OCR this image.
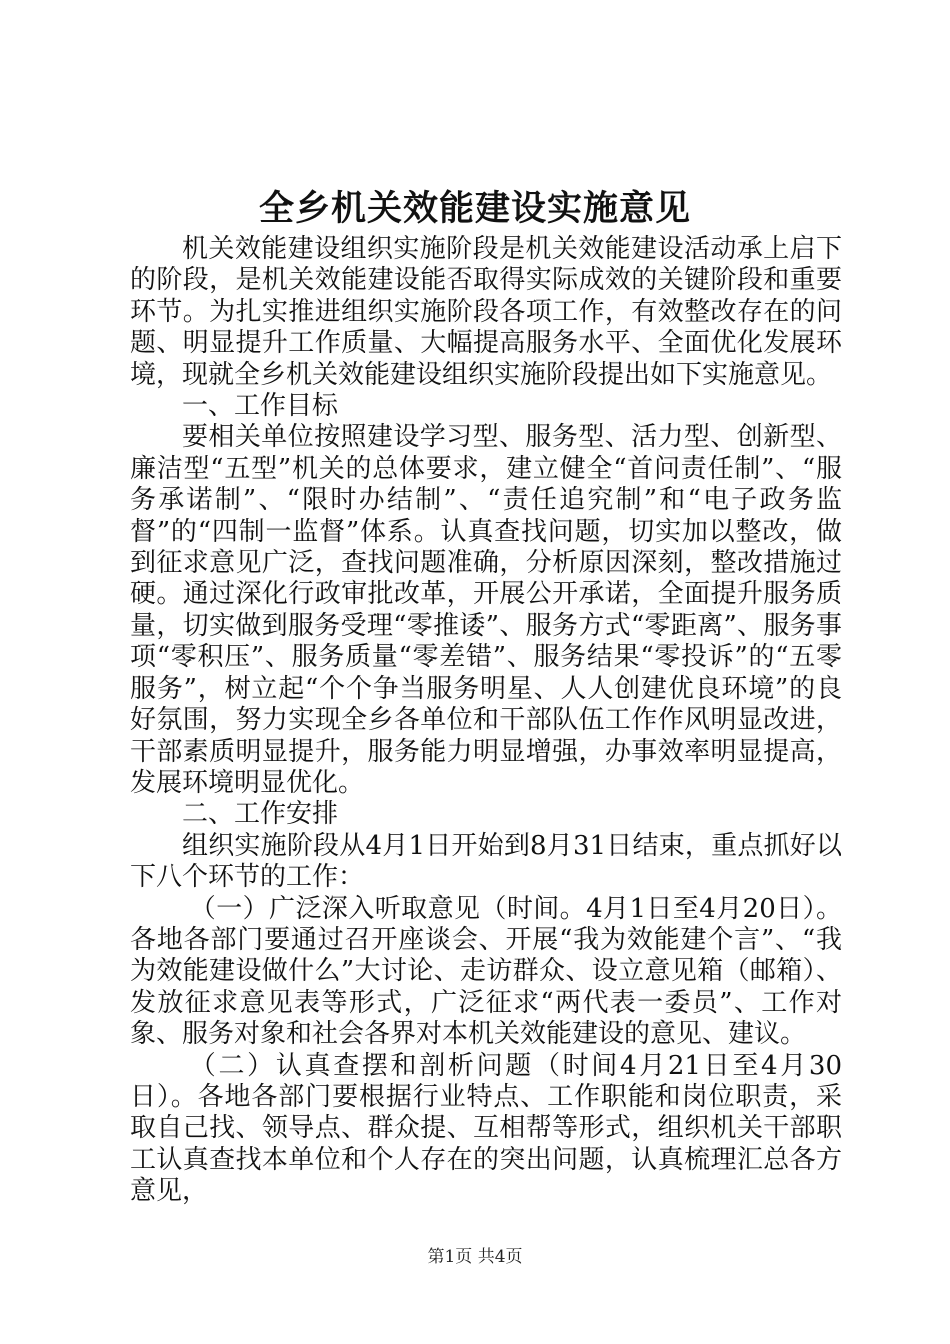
全乡机关效能建设实施意见

机关效能建设组织实施阶段是机关效能建设活动承上启下的阶段，是机关效能建设能否取得实际成效的关键阶段和重要环节。为扎实推进组织实施阶段各项工作，有效整改存在的问题、明显提升工作质量、大幅提高服务水平、全面优化发展环境，现就全乡机关效能建设组织实施阶段提出如下实施意见。

一、工作目标

要相关单位按照建设学习型、服务型、活力型、创新型、廉洁型“五型”机关的总体要求，建立健全“首问责任制”、“服务承诺制”、“限时办结制”、“责任追究制”和“电子政务监督”的“四制一监督”体系。认真查找问题，切实加以整改，做到征求意见广泛，查找问题准确，分析原因深刻，整改措施过硬。通过深化行政审批改革，开展公开承诺，全面提升服务质量，切实做到服务受理“零推诿”、服务方式“零距离”、服务事项“零积压”、服务质量“零差错”、服务结果“零投诉”的“五零服务”，树立起“个个争当服务明星、人人创建优良环境”的良好氛围，努力实现全乡各单位和干部队伍工作作风明显改进，干部素质明显提升，服务能力明显增强，办事效率明显提高，发展环境明显优化。

二、工作安排

组织实施阶段从4月1日开始到8月31日结束，重点抓好以下八个环节的工作：

（一）广泛深入听取意见（时间。4月1日至4月20日）。各地各部门要通过召开座谈会、开展“我为效能建个言”、“我为效能建设做什么”大讨论、走访群众、设立意见箱（邮箱）、发放征求意见表等形式，广泛征求“两代表一委员”、工作对象、服务对象和社会各界对本机关效能建设的意见、建议。

（二）认真查摆和剖析问题（时间4月21日至4月30日）。各地各部门要根据行业特点、工作职能和岗位职责，采取自己找、领导点、群众提、互相帮等形式，组织机关干部职工认真查找本单位和个人存在的突出问题，认真梳理汇总各方意见，

第1页 共4页
